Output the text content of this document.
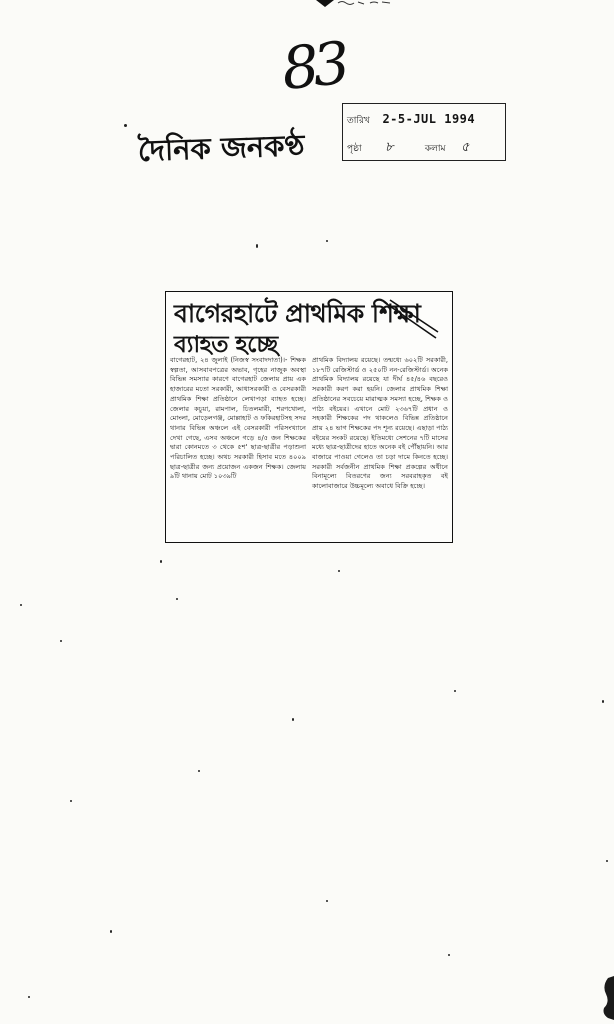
83
দৈনিক জনকণ্ঠ
তারিখ 2-5-JUL 1994
পৃষ্ঠা ৮	কলাম ৫
বাগেরহাটে প্রাথমিক শিক্ষা
ব্যাহত হচ্ছে
বাগেরহাট, ২৪ জুলাই (নিজস্ব সংবাদদাতা)।- শিক্ষক স্বল্পতা, আসবাবপত্রের অভাব, গৃহের নাজুক অবস্থা বিভিন্ন সমস্যার কারণে বাগেরহাট জেলায় প্রায় এক হাজারের মতো সরকারী, আধাসরকারী ও বেসরকারী প্রাথমিক শিক্ষা প্রতিষ্ঠানে লেখাপড়া ব্যাহত হচ্ছে। জেলার কচুয়া, রামপাল, চিতলমারী, শরণখোলা, মোংলা, মোড়েলগঞ্জ, মোল্লাহাট ও ফকিরহাটসহ সদর থানার বিভিন্ন অঞ্চলে এই বেসরকারী পরিসংখ্যানে দেখা গেছে, এসব অঞ্চলে গড়ে ৪/৫ জন শিক্ষকের দ্বারা কোনমতে ৩ থেকে ৫শ' ছাত্র-ছাত্রীর পড়াশুনা পরিচালিত হচ্ছে। অথচ সরকারী হিসাব মতে ৪০০৯ ছাত্র-ছাত্রীর জন্য প্রয়োজন একজন শিক্ষক। জেলায় ৯টি থানায় মোট ১০৩৯টি
প্রাথমিক বিদ্যালয় রয়েছে। তন্মধ্যে ৬০২টি সরকারী, ১৮৭টি রেজিস্টার্ড ও ২৫০টি নন-রেজিস্টার্ড। অনেক প্রাথমিক বিদ্যালয় রয়েছে যা দীর্ঘ ৪৫/৪৬ বছরেও সরকারী করণ করা হয়নি। জেলার প্রাথমিক শিক্ষা প্রতিষ্ঠানের সবচেয়ে মারাত্মক সমস্যা হচ্ছে, শিক্ষক ও পাঠ্য বইয়ের। এখানে মোট ২৩৬৭টি প্রধান ও সহকারী শিক্ষকের পদ থাকলেও বিভিন্ন প্রতিষ্ঠানে প্রায় ২৪ ভাগ শিক্ষকের পদ শূন্য রয়েছে। এছাড়া পাঠ্য বইয়ের সংকট রয়েছে। ইতিমধ্যে সেশনের ৭টি মাসের মধ্যে ছাত্র-ছাত্রীদের হাতে অনেক বই পৌঁছায়নি। আর বাজারে পাওয়া গেলেও তা চড়া দামে কিনতে হচ্ছে। সরকারী সর্বজনীন প্রাথমিক শিক্ষা প্রকল্পের অধীনে বিনামূল্যে বিতরণের জন্য সরবরাহকৃত বই কালোবাজারে উচ্চমূল্যে অবাধে বিক্রি হচ্ছে।
